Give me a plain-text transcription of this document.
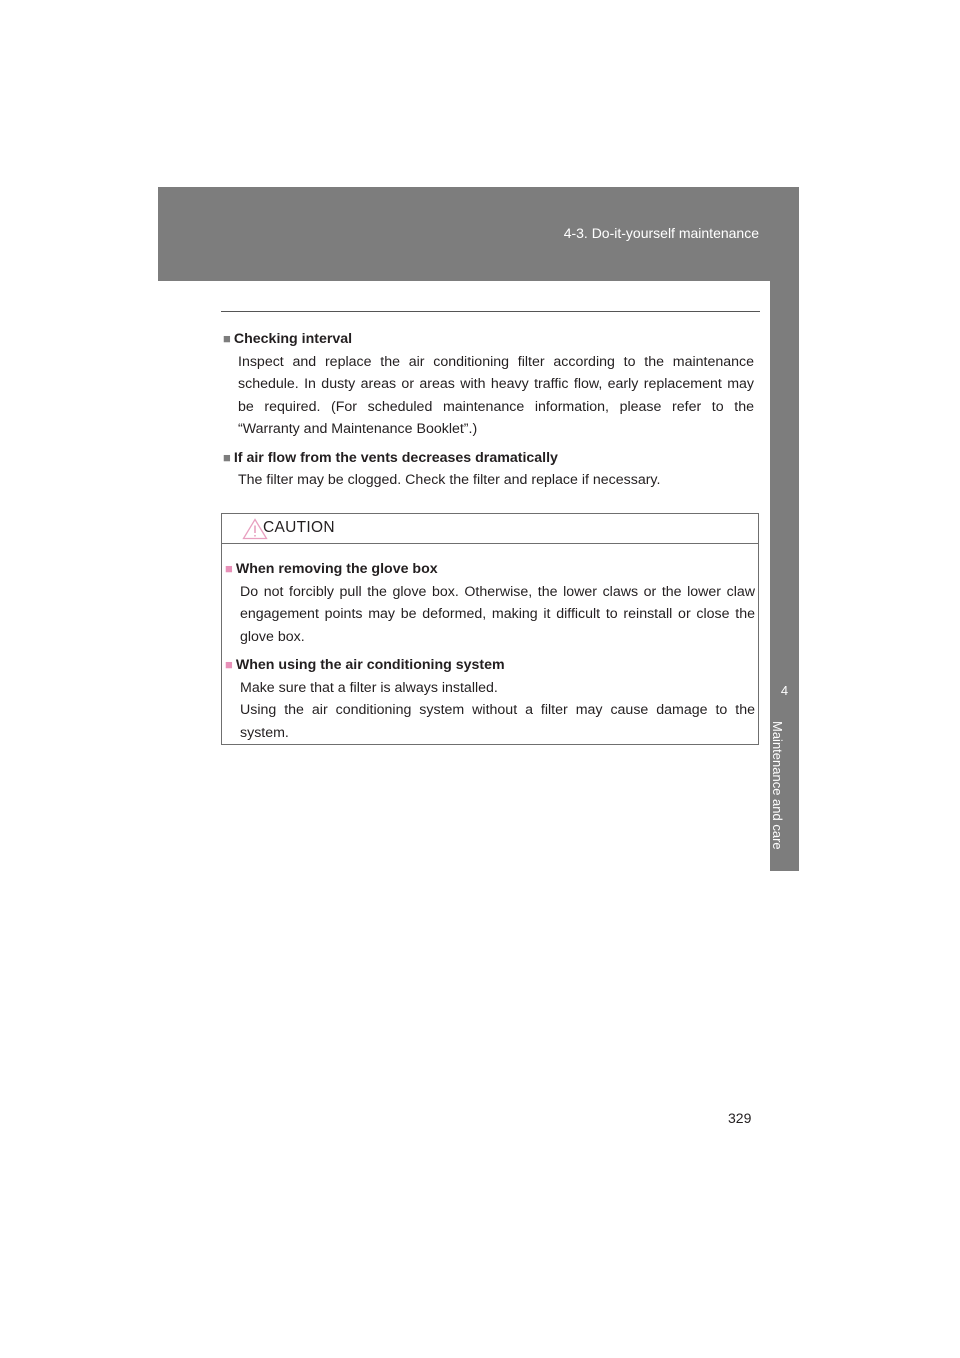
4-3. Do-it-yourself maintenance
4
Maintenance and care

■ Checking interval

Inspect and replace the air conditioning filter according to the maintenance schedule. In dusty areas or areas with heavy traffic flow, early replacement may be required. (For scheduled maintenance information, please refer to the “Warranty and Maintenance Booklet”.)

■ If air flow from the vents decreases dramatically

The filter may be clogged. Check the filter and replace if necessary.

CAUTION

■ When removing the glove box

Do not forcibly pull the glove box. Otherwise, the lower claws or the lower claw engagement points may be deformed, making it difficult to reinstall or close the glove box.

■ When using the air conditioning system

Make sure that a filter is always installed.

Using the air conditioning system without a filter may cause damage to the system.

329
